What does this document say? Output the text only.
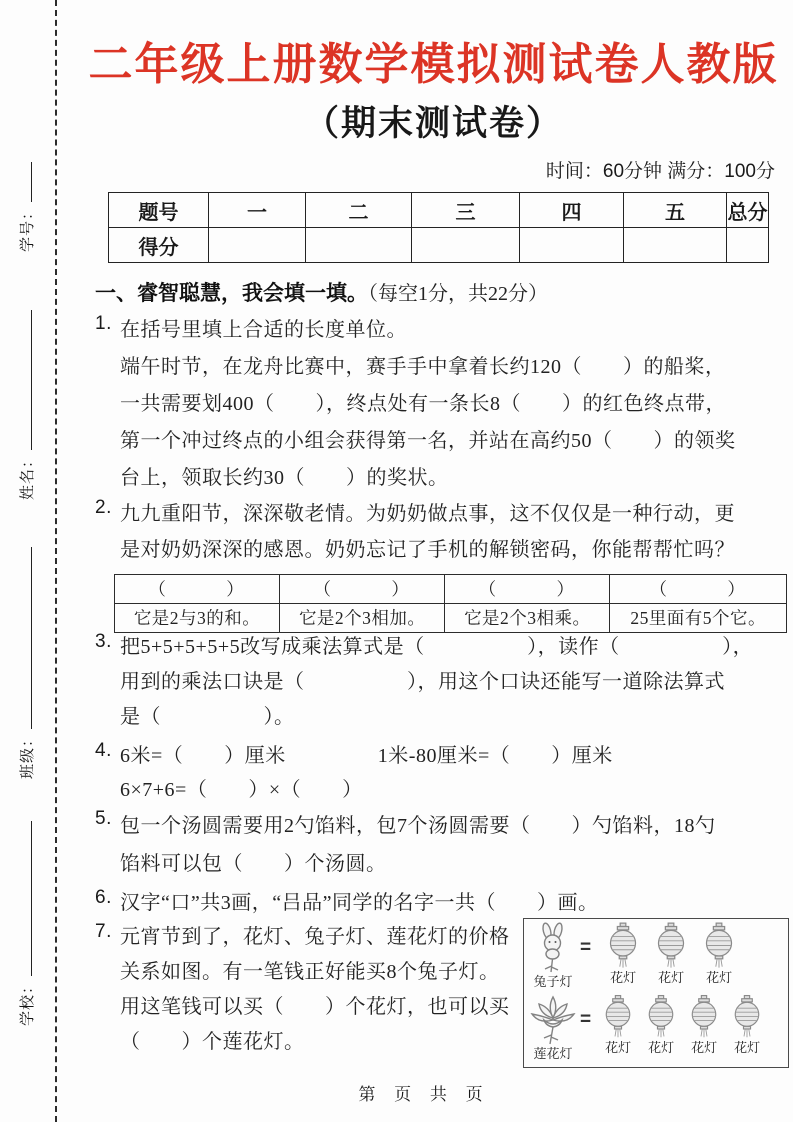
学号：
姓名：
班级：
学校：
二年级上册数学模拟测试卷人教版
（期末测试卷）
时间：60分钟 满分：100分
题号	一	二	三	四	五	总分
得分						
一、睿智聪慧，我会填一填。（每空1分，共22分）
1. 在括号里填上合适的长度单位。
端午时节，在龙舟比赛中，赛手手中拿着长约120（　　）的船桨，
一共需要划400（　　），终点处有一条长8（　　）的红色终点带，
第一个冲过终点的小组会获得第一名，并站在高约50（　　）的领奖
台上，领取长约30（　　）的奖状。
2. 九九重阳节，深深敬老情。为奶奶做点事，这不仅仅是一种行动，更
是对奶奶深深的感恩。奶奶忘记了手机的解锁密码，你能帮帮忙吗？
（　　　）	（　　　）	（　　　）	（　　　）
它是2与3的和。	它是2个3相加。	它是2个3相乘。	25里面有5个它。
3. 把5+5+5+5+5改写成乘法算式是（　　　　　），读作（　　　　　），
用到的乘法口诀是（　　　　　），用这个口诀还能写一道除法算式
是（　　　　　）。
4. 6米=（　　）厘米	1米-80厘米=（　　）厘米
6×7+6=（　　）×（　　）
5. 包一个汤圆需要用2勺馅料，包7个汤圆需要（　　）勺馅料，18勺
馅料可以包（　　）个汤圆。
6. 汉字“口”共3画，“吕品”同学的名字一共（　　）画。
7. 元宵节到了，花灯、兔子灯、莲花灯的价格
关系如图。有一笔钱正好能买8个兔子灯。
用这笔钱可以买（　　）个花灯，也可以买
（　　）个莲花灯。
兔子灯
=
花灯 花灯 花灯
莲花灯
=
花灯 花灯 花灯 花灯
第 页 共 页
